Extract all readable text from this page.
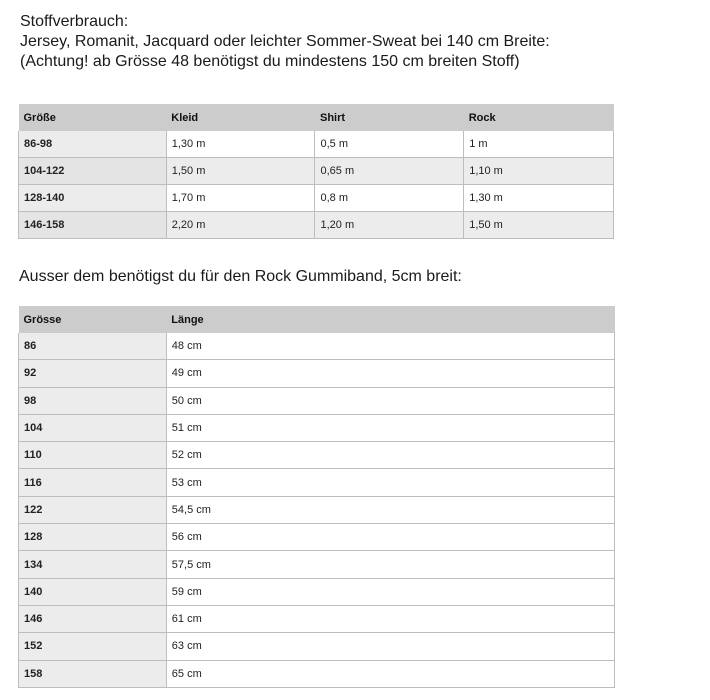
Stoffverbrauch:
Jersey, Romanit, Jacquard oder leichter Sommer-Sweat bei 140 cm Breite:
(Achtung! ab Grösse 48 benötigst du mindestens 150 cm breiten Stoff)
Größe	Kleid	Shirt	Rock
86-98	1,30 m	0,5 m	1 m
104-122	1,50 m	0,65 m	1,10 m
128-140	1,70 m	0,8 m	1,30 m
146-158	2,20 m	1,20 m	1,50 m
Ausser dem benötigst du für den Rock Gummiband, 5cm breit:
Grösse	Länge
86	48 cm
92	49 cm
98	50 cm
104	51 cm
110	52 cm
116	53 cm
122	54,5 cm
128	56 cm
134	57,5 cm
140	59 cm
146	61 cm
152	63 cm
158	65 cm
